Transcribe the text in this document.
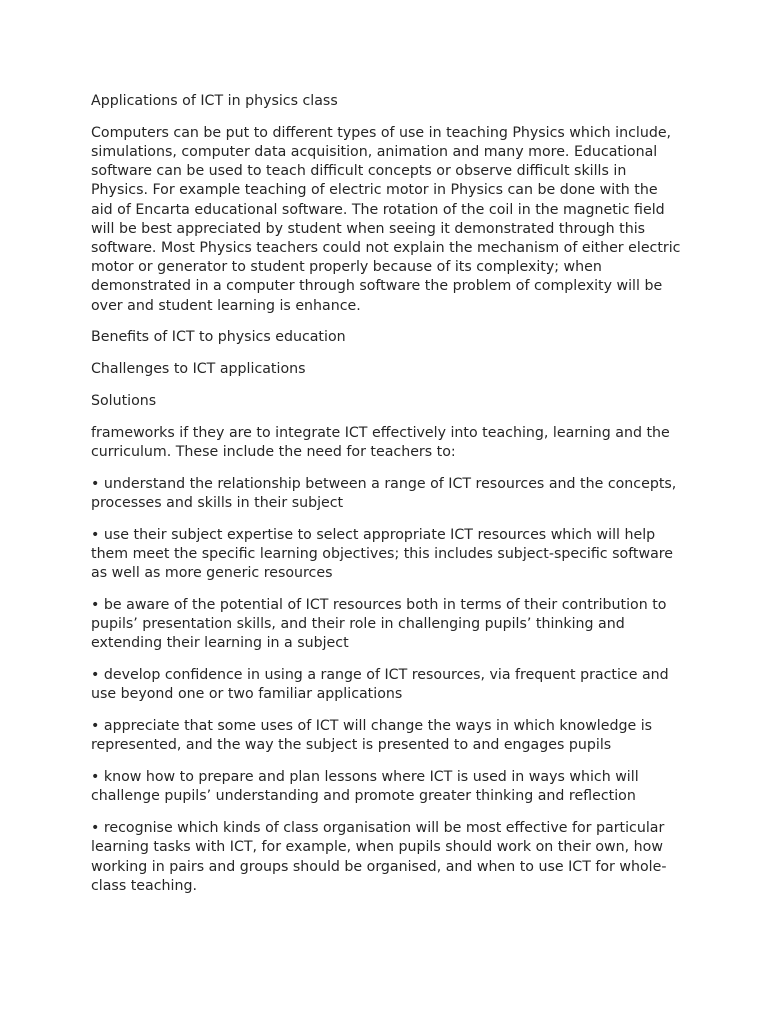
Applications of ICT in physics class

Computers can be put to different types of use in teaching Physics which include, simulations, computer data acquisition, animation and many more. Educational software can be used to teach difficult concepts or observe difficult skills in Physics. For example teaching of electric motor in Physics can be done with the aid of Encarta educational software. The rotation of the coil in the magnetic field will be best appreciated by student when seeing it demonstrated through this software. Most Physics teachers could not explain the mechanism of either electric motor or generator to student properly because of its complexity; when demonstrated in a computer through software the problem of complexity will be over and student learning is enhance.

Benefits of ICT to physics education

Challenges to ICT applications

Solutions

frameworks if they are to integrate ICT effectively into teaching, learning and the curriculum. These include the need for teachers to:

• understand the relationship between a range of ICT resources and the concepts, processes and skills in their subject
• use their subject expertise to select appropriate ICT resources which will help them meet the specific learning objectives; this includes subject-specific software as well as more generic resources
• be aware of the potential of ICT resources both in terms of their contribution to pupils’ presentation skills, and their role in challenging pupils’ thinking and extending their learning in a subject
• develop confidence in using a range of ICT resources, via frequent practice and use beyond one or two familiar applications
• appreciate that some uses of ICT will change the ways in which knowledge is represented, and the way the subject is presented to and engages pupils
• know how to prepare and plan lessons where ICT is used in ways which will challenge pupils’ understanding and promote greater thinking and reflection
• recognise which kinds of class organisation will be most effective for particular learning tasks with ICT, for example, when pupils should work on their own, how working in pairs and groups should be organised, and when to use ICT for whole-class teaching.
